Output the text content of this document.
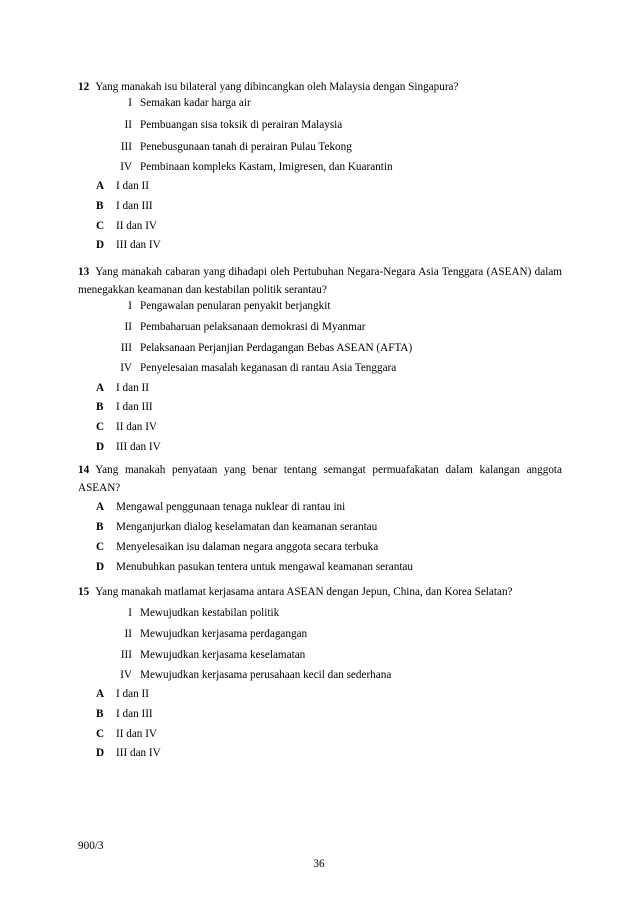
12 Yang manakah isu bilateral yang dibincangkan oleh Malaysia dengan Singapura?
I Semakan kadar harga air
II Pembuangan sisa toksik di perairan Malaysia
III Penebusgunaan tanah di perairan Pulau Tekong
IV Pembinaan kompleks Kastam, Imigresen, dan Kuarantin
A I dan II
B I dan III
C II dan IV
D III dan IV
13 Yang manakah cabaran yang dihadapi oleh Pertubuhan Negara-Negara Asia Tenggara (ASEAN) dalam menegakkan keamanan dan kestabilan politik serantau?
I Pengawalan penularan penyakit berjangkit
II Pembaharuan pelaksanaan demokrasi di Myanmar
III Pelaksanaan Perjanjian Perdagangan Bebas ASEAN (AFTA)
IV Penyelesaian masalah keganasan di rantau Asia Tenggara
A I dan II
B I dan III
C II dan IV
D III dan IV
14 Yang manakah penyataan yang benar tentang semangat permuafakatan dalam kalangan anggota ASEAN?
A Mengawal penggunaan tenaga nuklear di rantau ini
B Menganjurkan dialog keselamatan dan keamanan serantau
C Menyelesaikan isu dalaman negara anggota secara terbuka
D Menubuhkan pasukan tentera untuk mengawal keamanan serantau
15 Yang manakah matlamat kerjasama antara ASEAN dengan Jepun, China, dan Korea Selatan?
I Mewujudkan kestabilan politik
II Mewujudkan kerjasama perdagangan
III Mewujudkan kerjasama keselamatan
IV Mewujudkan kerjasama perusahaan kecil dan sederhana
A I dan II
B I dan III
C II dan IV
D III dan IV
900/3
36
